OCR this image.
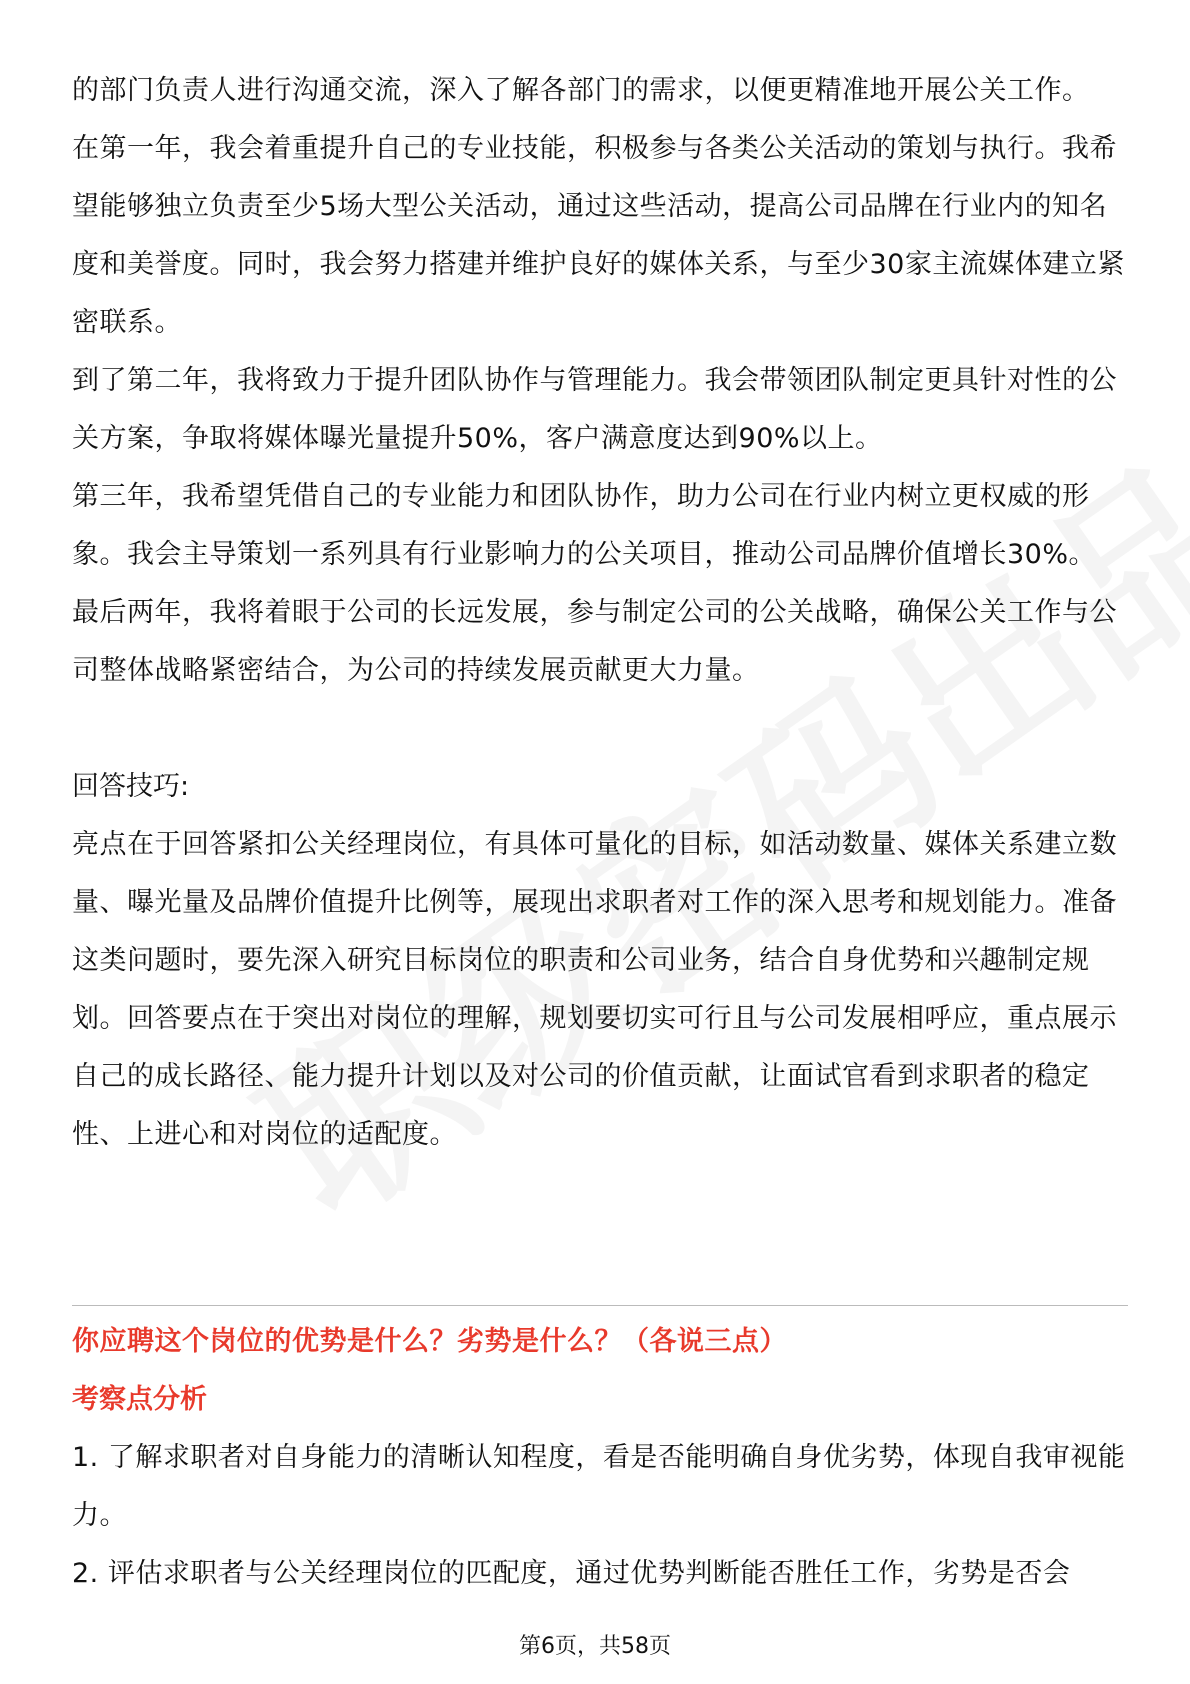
的部门负责人进行沟通交流，深入了解各部门的需求，以便更精准地开展公关工作。

在第一年，我会着重提升自己的专业技能，积极参与各类公关活动的策划与执行。我希望能够独立负责至少5场大型公关活动，通过这些活动，提高公司品牌在行业内的知名度和美誉度。同时，我会努力搭建并维护良好的媒体关系，与至少30家主流媒体建立紧密联系。

到了第二年，我将致力于提升团队协作与管理能力。我会带领团队制定更具针对性的公关方案，争取将媒体曝光量提升50%，客户满意度达到90%以上。

第三年，我希望凭借自己的专业能力和团队协作，助力公司在行业内树立更权威的形象。我会主导策划一系列具有行业影响力的公关项目，推动公司品牌价值增长30%。

最后两年，我将着眼于公司的长远发展，参与制定公司的公关战略，确保公关工作与公司整体战略紧密结合，为公司的持续发展贡献更大力量。

回答技巧:

亮点在于回答紧扣公关经理岗位，有具体可量化的目标，如活动数量、媒体关系建立数量、曝光量及品牌价值提升比例等，展现出求职者对工作的深入思考和规划能力。准备这类问题时，要先深入研究目标岗位的职责和公司业务，结合自身优势和兴趣制定规划。回答要点在于突出对岗位的理解，规划要切实可行且与公司发展相呼应，重点展示自己的成长路径、能力提升计划以及对公司的价值贡献，让面试官看到求职者的稳定性、上进心和对岗位的适配度。

你应聘这个岗位的优势是什么？劣势是什么？（各说三点）

考察点分析

1. 了解求职者对自身能力的清晰认知程度，看是否能明确自身优劣势，体现自我审视能力。

2. 评估求职者与公关经理岗位的匹配度，通过优势判断能否胜任工作，劣势是否会

第6页，共58页
